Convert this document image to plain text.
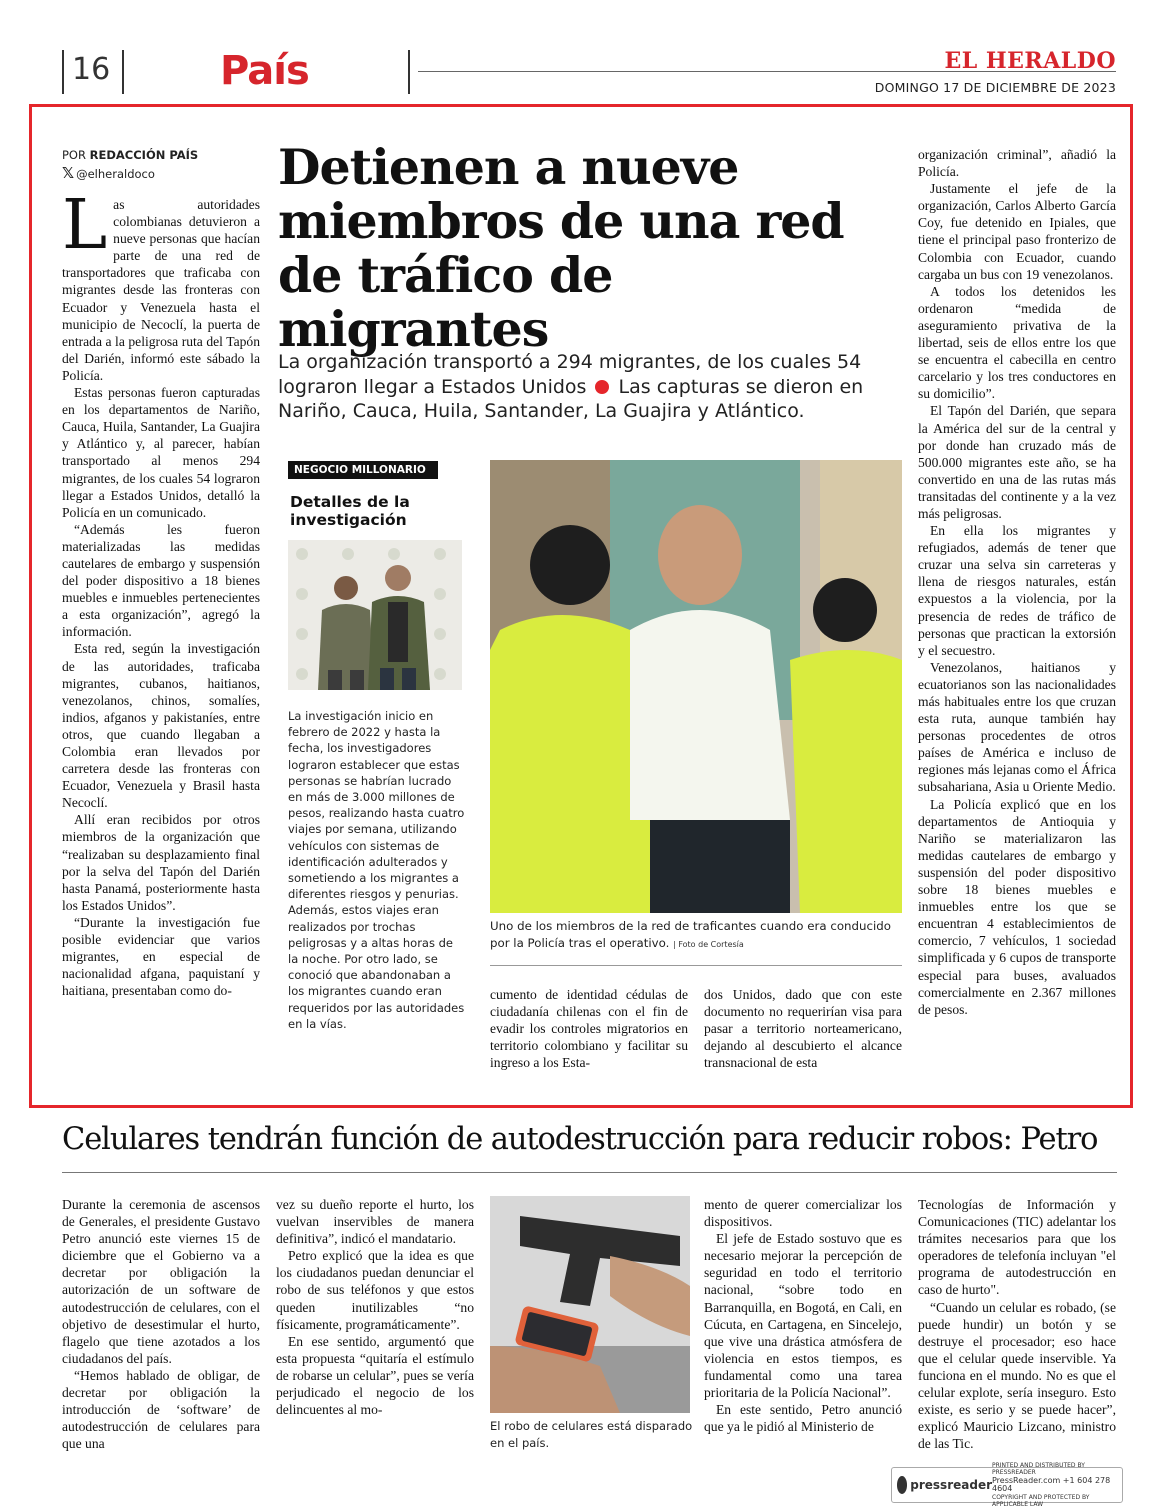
16	País	EL HERALDO
DOMINGO 17 DE DICIEMBRE DE 2023
POR REDACCIÓN PAÍS
𝕏 @elheraldoco

Las autoridades colombianas detuvieron a nueve personas que hacían parte de una red de transportadores que traficaba con migrantes desde las fronteras con Ecuador y Venezuela hasta el municipio de Necoclí, la puerta de entrada a la peligrosa ruta del Tapón del Darién, informó este sábado la Policía.

Estas personas fueron capturadas en los departamentos de Nariño, Cauca, Huila, Santander, La Guajira y Atlántico y, al parecer, habían transportado al menos 294 migrantes, de los cuales 54 lograron llegar a Estados Unidos, detalló la Policía en un comunicado.

“Además les fueron materializadas las medidas cautelares de embargo y suspensión del poder dispositivo a 18 bienes muebles e inmuebles pertenecientes a esta organización”, agregó la información.

Esta red, según la investigación de las autoridades, traficaba migrantes, cubanos, haitianos, venezolanos, chinos, somalíes, indios, afganos y pakistaníes, entre otros, que cuando llegaban a Colombia eran llevados por carretera desde las fronteras con Ecuador, Venezuela y Brasil hasta Necoclí.

Allí eran recibidos por otros miembros de la organización que “realizaban su desplazamiento final por la selva del Tapón del Darién hasta Panamá, posteriormente hasta los Estados Unidos”.

“Durante la investigación fue posible evidenciar que varios migrantes, en especial de nacionalidad afgana, paquistaní y haitiana, presentaban como do-

Detienen a nueve miembros de una red de tráfico de migrantes
La organización transportó a 294 migrantes, de los cuales 54 lograron llegar a Estados Unidos Las capturas se dieron en Nariño, Cauca, Huila, Santander, La Guajira y Atlántico.
NEGOCIO MILLONARIO
Detalles de la investigación
La investigación inicio en febrero de 2022 y hasta la fecha, los investigadores lograron establecer que estas personas se habrían lucrado en más de 3.000 millones de pesos, realizando hasta cuatro viajes por semana, utilizando vehículos con sistemas de identificación adulterados y sometiendo a los migrantes a diferentes riesgos y penurias. Además, estos viajes eran realizados por trochas peligrosas y a altas horas de la noche. Por otro lado, se conoció que abandonaban a los migrantes cuando eran requeridos por las autoridades en la vías.
Uno de los miembros de la red de traficantes cuando era conducido por la Policía tras el operativo. | Foto de Cortesía

cumento de identidad cédulas de ciudadanía chilenas con el fin de evadir los controles migratorios en territorio colombiano y facilitar su ingreso a los Esta-

dos Unidos, dado que con este documento no requerirían visa para pasar a territorio norteamericano, dejando al descubierto el alcance transnacional de esta

organización criminal”, añadió la Policía.

Justamente el jefe de la organización, Carlos Alberto García Coy, fue detenido en Ipiales, que tiene el principal paso fronterizo de Colombia con Ecuador, cuando cargaba un bus con 19 venezolanos.

A todos los detenidos les ordenaron “medida de aseguramiento privativa de la libertad, seis de ellos entre los que se encuentra el cabecilla en centro carcelario y los tres conductores en su domicilio”.

El Tapón del Darién, que separa la América del sur de la central y por donde han cruzado más de 500.000 migrantes este año, se ha convertido en una de las rutas más transitadas del continente y a la vez más peligrosas.

En ella los migrantes y refugiados, además de tener que cruzar una selva sin carreteras y llena de riesgos naturales, están expuestos a la violencia, por la presencia de redes de tráfico de personas que practican la extorsión y el secuestro.

Venezolanos, haitianos y ecuatorianos son las nacionalidades más habituales entre los que cruzan esta ruta, aunque también hay personas procedentes de otros países de América e incluso de regiones más lejanas como el África subsahariana, Asia u Oriente Medio.

La Policía explicó que en los departamentos de Antioquia y Nariño se materializaron las medidas cautelares de embargo y suspensión del poder dispositivo sobre 18 bienes muebles e inmuebles entre los que se encuentran 4 establecimientos de comercio, 7 vehículos, 1 sociedad simplificada y 6 cupos de transporte especial para buses, avaluados comercialmente en 2.367 millones de pesos.

Celulares tendrán función de autodestrucción para reducir robos: Petro

Durante la ceremonia de ascensos de Generales, el presidente Gustavo Petro anunció este viernes 15 de diciembre que el Gobierno va a decretar por obligación la autorización de un software de autodestrucción de celulares, con el objetivo de desestimular el hurto, flagelo que tiene azotados a los ciudadanos del país.

“Hemos hablado de obligar, de decretar por obligación la introducción de ‘software’ de autodestrucción de celulares para que una

vez su dueño reporte el hurto, los vuelvan inservibles de manera definitiva”, indicó el mandatario.

Petro explicó que la idea es que los ciudadanos puedan denunciar el robo de sus teléfonos y que estos queden inutilizables “no físicamente, programáticamente”.

En ese sentido, argumentó que esta propuesta “quitaría el estímulo de robarse un celular”, pues se vería perjudicado el negocio de los delincuentes al mo-

El robo de celulares está disparado en el país.

mento de querer comercializar los dispositivos.

El jefe de Estado sostuvo que es necesario mejorar la percepción de seguridad en todo el territorio nacional, “sobre todo en Barranquilla, en Bogotá, en Cali, en Cúcuta, en Cartagena, en Sincelejo, que vive una drástica atmósfera de violencia en estos tiempos, es fundamental como una tarea prioritaria de la Policía Nacional”.

En este sentido, Petro anunció que ya le pidió al Ministerio de

Tecnologías de Información y Comunicaciones (TIC) adelantar los trámites necesarios para que los operadores de telefonía incluyan "el programa de autodestrucción en caso de hurto".

“Cuando un celular es robado, (se puede hundir) un botón y se destruye el procesador; eso hace que el celular quede inservible. Ya funciona en el mundo. No es que el celular explote, sería inseguro. Esto existe, es serio y se puede hacer”, explicó Mauricio Lizcano, ministro de las Tic.

pressreader
PRINTED AND DISTRIBUTED BY PRESSREADER
PressReader.com +1 604 278 4604
COPYRIGHT AND PROTECTED BY APPLICABLE LAW
